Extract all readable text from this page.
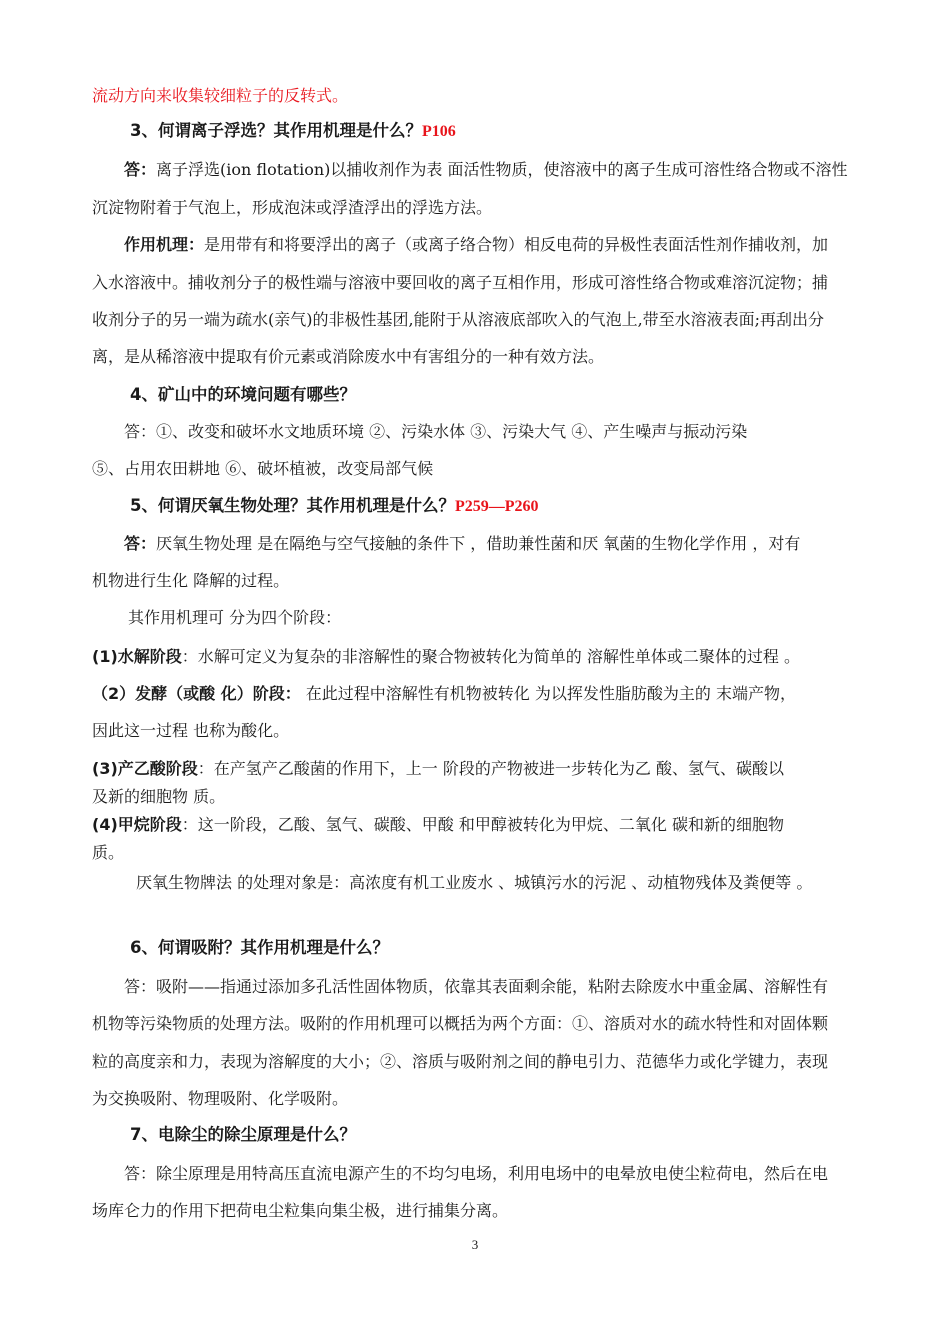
流动方向来收集较细粒子的反转式。
3、何谓离子浮选？其作用机理是什么？P106
答：离子浮选(ion flotation)以捕收剂作为表 面活性物质，使溶液中的离子生成可溶性络合物或不溶性
沉淀物附着于气泡上，形成泡沫或浮渣浮出的浮选方法。
作用机理：是用带有和将要浮出的离子（或离子络合物）相反电荷的异极性表面活性剂作捕收剂，加
入水溶液中。捕收剂分子的极性端与溶液中要回收的离子互相作用，形成可溶性络合物或难溶沉淀物；捕
收剂分子的另一端为疏水(亲气)的非极性基团,能附于从溶液底部吹入的气泡上,带至水溶液表面;再刮出分
离，是从稀溶液中提取有价元素或消除废水中有害组分的一种有效方法。
4、矿山中的环境问题有哪些？
答：①、改变和破坏水文地质环境 ②、污染水体 ③、污染大气 ④、产生噪声与振动污染
⑤、占用农田耕地 ⑥、破坏植被，改变局部气候
5、何谓厌氧生物处理？其作用机理是什么？P259—P260
答：厌氧生物处理 是在隔绝与空气接触的条件下 ，借助兼性菌和厌 氧菌的生物化学作用 ，对有
机物进行生化 降解的过程。
其作用机理可 分为四个阶段：
(1)水解阶段：水解可定义为复杂的非溶解性的聚合物被转化为简单的 溶解性单体或二聚体的过程 。
（2）发酵（或酸 化）阶段： 在此过程中溶解性有机物被转化 为以挥发性脂肪酸为主的 末端产物，
因此这一过程 也称为酸化。
(3)产乙酸阶段：在产氢产乙酸菌的作用下，上一 阶段的产物被进一步转化为乙 酸、氢气、碳酸以
及新的细胞物 质。
(4)甲烷阶段：这一阶段，乙酸、氢气、碳酸、甲酸 和甲醇被转化为甲烷、二氧化 碳和新的细胞物
质。
厌氧生物牌法 的处理对象是：高浓度有机工业废水 、城镇污水的污泥 、动植物残体及粪便等 。
6、何谓吸附？其作用机理是什么？
答：吸附——指通过添加多孔活性固体物质，依靠其表面剩余能，粘附去除废水中重金属、溶解性有
机物等污染物质的处理方法。吸附的作用机理可以概括为两个方面：①、溶质对水的疏水特性和对固体颗
粒的高度亲和力，表现为溶解度的大小；②、溶质与吸附剂之间的静电引力、范德华力或化学键力，表现
为交换吸附、物理吸附、化学吸附。
7、电除尘的除尘原理是什么？
答：除尘原理是用特高压直流电源产生的不均匀电场，利用电场中的电晕放电使尘粒荷电，然后在电
场库仑力的作用下把荷电尘粒集向集尘极，进行捕集分离。
3
